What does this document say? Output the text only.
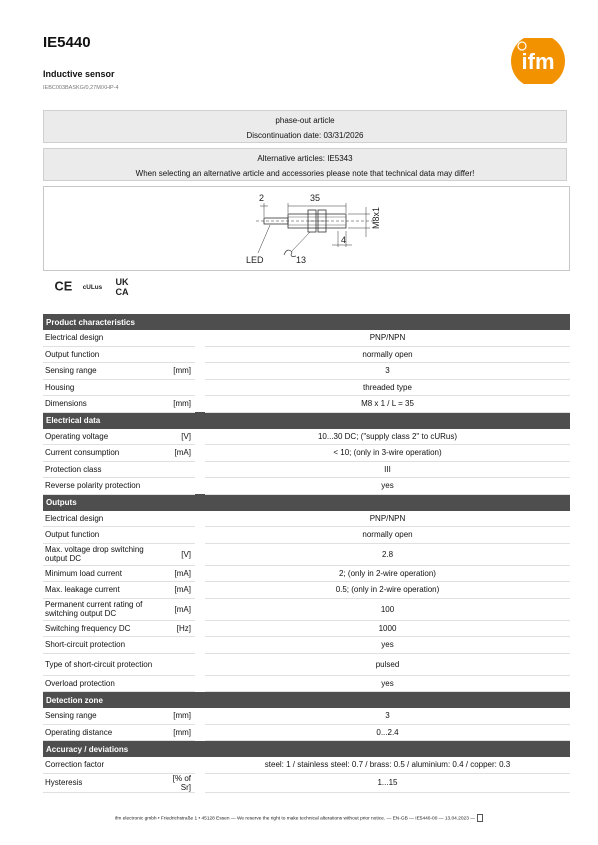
IE5440
Inductive sensor
IEBC003BASKG/0,27M/XHP-4
ifm
phase-out article
Discontinuation date: 03/31/2026
Alternative articles: IE5343
When selecting an alternative article and accessories please note that technical data may differ!
2	35
M8x1
4
LED	13
CE cULus
UK
CA
Product characteristics			
Electrical design			PNP/NPN
Output function			normally open
Sensing range	[mm]		3
Housing			threaded type
Dimensions	[mm]		M8 x 1 / L = 35
Electrical data			
Operating voltage	[V]		10...30 DC; ("supply class 2" to cURus)
Current consumption	[mA]		< 10; (only in 3-wire operation)
Protection class			III
Reverse polarity protection			yes
Outputs			
Electrical design			PNP/NPN
Output function			normally open
Max. voltage drop switching output DC	[V]		2.8
Minimum load current	[mA]		2; (only in 2-wire operation)
Max. leakage current	[mA]		0.5; (only in 2-wire operation)
Permanent current rating of switching output DC	[mA]		100
Switching frequency DC	[Hz]		1000
Short-circuit protection			yes
Type of short-circuit protection			pulsed
Overload protection			yes
Detection zone			
Sensing range	[mm]		3
Operating distance	[mm]		0...2.4
Accuracy / deviations			
Correction factor			steel: 1 / stainless steel: 0.7 / brass: 0.5 / aluminium: 0.4 / copper: 0.3
Hysteresis	[% of Sr]		1...15
ifm electronic gmbh • Friedrichstraße 1 • 45128 Essen — We reserve the right to make technical alterations without prior notice. — EN-GB — IE5440-00 — 13.04.2023 —
